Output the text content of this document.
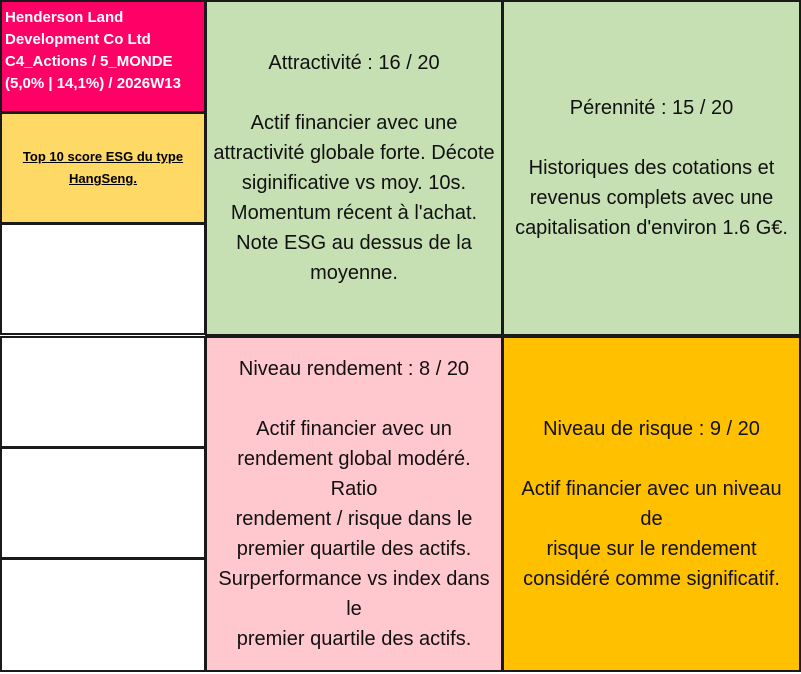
Henderson Land
Development Co Ltd
C4_Actions / 5_MONDE
(5,0% | 14,1%) / 2026W13
Top 10 score ESG du type
HangSeng.
Attractivité : 16 / 20
Actif financier avec une
attractivité globale forte. Décote
siginificative vs moy. 10s.
Momentum récent à l'achat.
Note ESG au dessus de la
moyenne.
Pérennité : 15 / 20
Historiques des cotations et
revenus complets avec une
capitalisation d'environ 1.6 G€.
Niveau rendement : 8 / 20
Actif financier avec un
rendement global modéré. Ratio
rendement / risque dans le
premier quartile des actifs.
Surperformance vs index dans le
premier quartile des actifs.
Niveau de risque : 9 / 20
Actif financier avec un niveau de
risque sur le rendement
considéré comme significatif.
